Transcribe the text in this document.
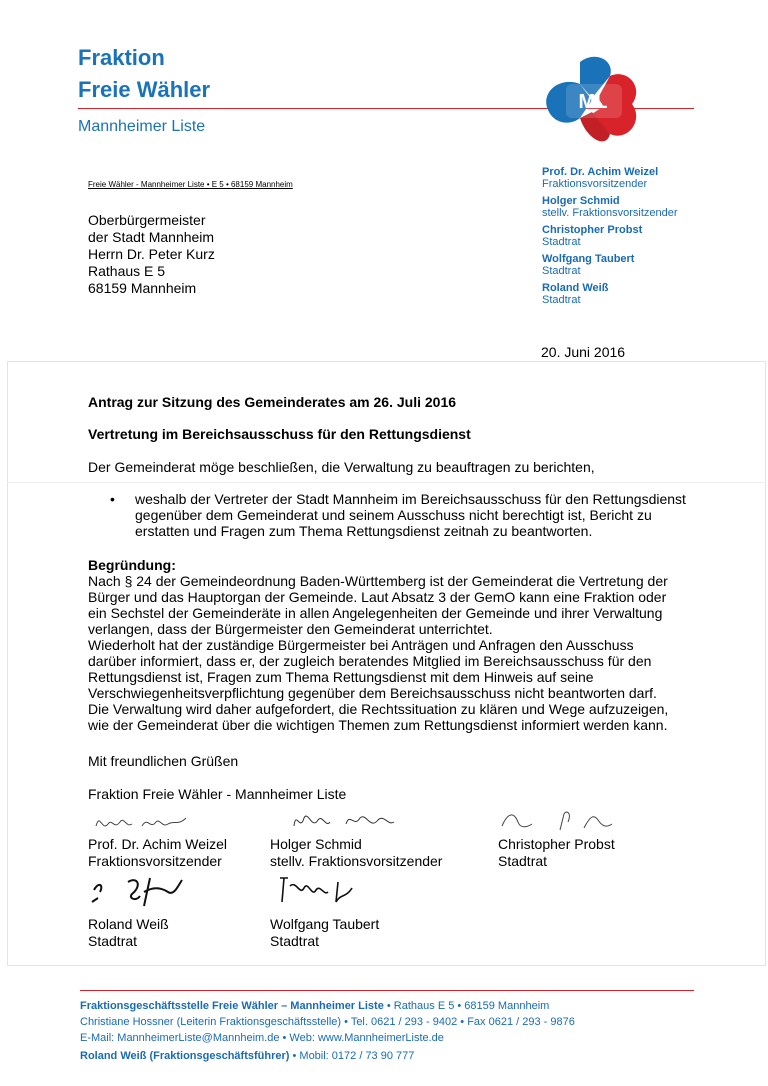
Fraktion
Freie Wähler
Mannheimer Liste
ML
Freie Wähler - Mannheimer Liste • E 5 • 68159 Mannheim
Oberbürgermeister
der Stadt Mannheim
Herrn Dr. Peter Kurz
Rathaus E 5
68159 Mannheim
Prof. Dr. Achim Weizel
Fraktionsvorsitzender
Holger Schmid
stellv. Fraktionsvorsitzender
Christopher Probst
Stadtrat
Wolfgang Taubert
Stadtrat
Roland Weiß
Stadtrat
20. Juni 2016
Antrag zur Sitzung des Gemeinderates am 26. Juli 2016
Vertretung im Bereichsausschuss für den Rettungsdienst
Der Gemeinderat möge beschließen, die Verwaltung zu beauftragen zu berichten,
• weshalb der Vertreter der Stadt Mannheim im Bereichsausschuss für den Rettungsdienst
gegenüber dem Gemeinderat und seinem Ausschuss nicht berechtigt ist, Bericht zu
erstatten und Fragen zum Thema Rettungsdienst zeitnah zu beantworten.
Begründung:
Nach § 24 der Gemeindeordnung Baden-Württemberg ist der Gemeinderat die Vertretung der
Bürger und das Hauptorgan der Gemeinde. Laut Absatz 3 der GemO kann eine Fraktion oder
ein Sechstel der Gemeinderäte in allen Angelegenheiten der Gemeinde und ihrer Verwaltung
verlangen, dass der Bürgermeister den Gemeinderat unterrichtet.
Wiederholt hat der zuständige Bürgermeister bei Anträgen und Anfragen den Ausschuss
darüber informiert, dass er, der zugleich beratendes Mitglied im Bereichsausschuss für den
Rettungsdienst ist, Fragen zum Thema Rettungsdienst mit dem Hinweis auf seine
Verschwiegenheitsverpflichtung gegenüber dem Bereichsausschuss nicht beantworten darf.
Die Verwaltung wird daher aufgefordert, die Rechtssituation zu klären und Wege aufzuzeigen,
wie der Gemeinderat über die wichtigen Themen zum Rettungsdienst informiert werden kann.
Mit freundlichen Grüßen
Fraktion Freie Wähler - Mannheimer Liste
Prof. Dr. Achim Weizel
Fraktionsvorsitzender
Holger Schmid
stellv. Fraktionsvorsitzender
Christopher Probst
Stadtrat
Roland Weiß
Stadtrat
Wolfgang Taubert
Stadtrat
Fraktionsgeschäftsstelle Freie Wähler – Mannheimer Liste • Rathaus E 5 • 68159 Mannheim
Christiane Hossner (Leiterin Fraktionsgeschäftsstelle) • Tel. 0621 / 293 - 9402 • Fax 0621 / 293 - 9876
E-Mail: MannheimerListe@Mannheim.de • Web: www.MannheimerListe.de
Roland Weiß (Fraktionsgeschäftsführer) • Mobil: 0172 / 73 90 777
